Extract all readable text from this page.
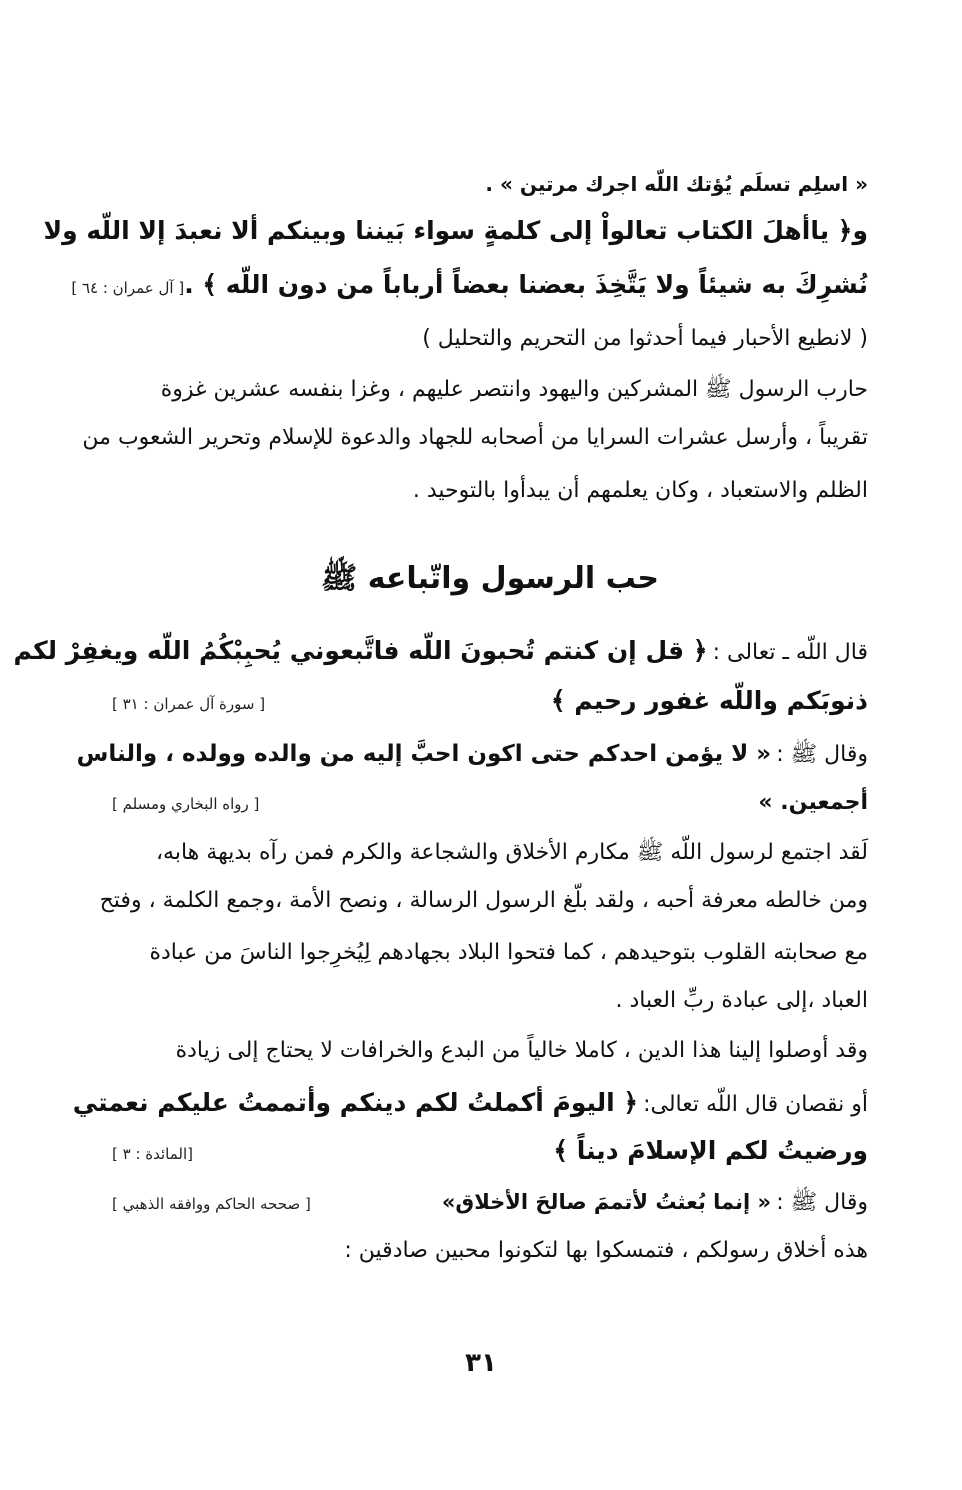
« اسلِم تسلَم يُؤتك اللّه اجرك مرتين » .
و﴿ ياأهلَ الكتاب تعالواْ إلى كلمةٍ سواء بَيننا وبينكم ألا نعبدَ إلا اللّه ولا
نُشرِكَ به شيئاً ولا يَتَّخِذَ بعضنا بعضاً أرباباً من دون اللّه ﴾ .
[ آل عمران : ٦٤ ]
( لانطيع الأحبار فيما أحدثوا من التحريم والتحليل )
حارب الرسول ﷺ المشركين واليهود وانتصر عليهم ، وغزا بنفسه عشرين غزوة
تقريباً ، وأرسل عشرات السرايا من أصحابه للجهاد والدعوة للإسلام وتحرير الشعوب من
الظلم والاستعباد ، وكان يعلمهم أن يبدأوا بالتوحيد .
حب الرسول واتّباعه ﷺ
قال اللّه ـ تعالى : ﴿ قل إن كنتم تُحبونَ اللّه فاتَّبعوني يُحبِبْكُمُ اللّه ويغفِرْ لكم
ذنوبَكم واللّه غفور رحيم ﴾
[ سورة آل عمران : ٣١ ]
وقال ﷺ : « لا يؤمن احدكم حتى اكون احبَّ إليه من والده وولده ، والناس
أجمعين. »
[ رواه البخاري ومسلم ]
لَقد اجتمع لرسول اللّه ﷺ مكارم الأخلاق والشجاعة والكرم فمن رآه بديهة هابه،
ومن خالطه معرفة أحبه ، ولقد بلّغ الرسول الرسالة ، ونصح الأمة ،وجمع الكلمة ، وفتح
مع صحابته القلوب بتوحيدهم ، كما فتحوا البلاد بجهادهم لِيُخرِجوا الناسَ من عبادة
العباد ،إلى عبادة ربِّ العباد .
وقد أوصلوا إلينا هذا الدين ، كاملا خالياً من البدع والخرافات لا يحتاج إلى زيادة
أو نقصان قال اللّه تعالى: ﴿ اليومَ أكملتُ لكم دينكم وأتممتُ عليكم نعمتي
ورضيتُ لكم الإسلامَ ديناً ﴾
[المائدة : ٣ ]
وقال ﷺ : « إنما بُعثتُ لأتممَ صالحَ الأخلاق»
[ صححه الحاكم ووافقه الذهبي ]
هذه أخلاق رسولكم ، فتمسكوا بها لتكونوا محبين صادقين :
٣١
